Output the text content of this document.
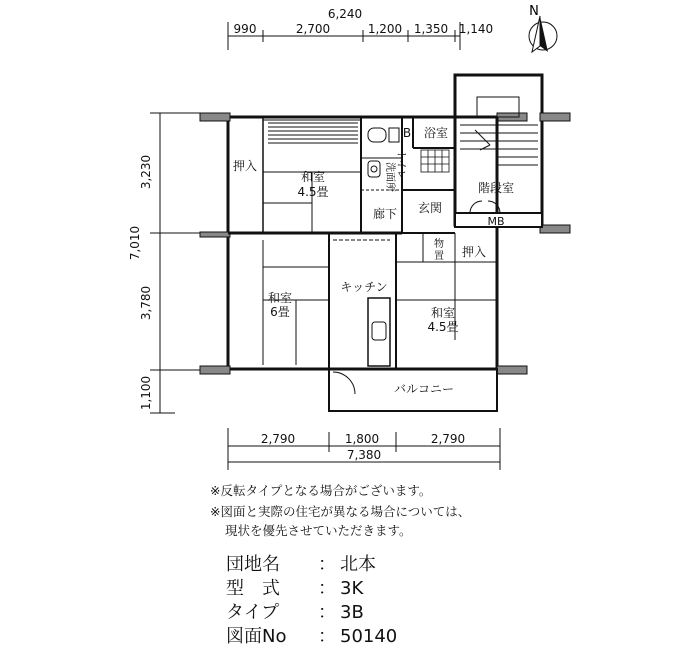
6,240
990	2,700	1,200 1,350 1,140
N
3,230
3,780
1,100
7,010
2,790	1,800	2,790
7,380
押入
和室
4.5畳
B 浴室
トイレ
洗面所	階段室
玄関
廊下
MB
物
置 押入
和室
6畳
キッチン
和室
4.5畳
バルコニー
※反転タイプとなる場合がございます。
※図面と実際の住宅が異なる場合については、
現状を優先させていただきます。
団地名 ： 北本
型　式 ： 3K
タイプ ： 3B
図面No ： 50140
